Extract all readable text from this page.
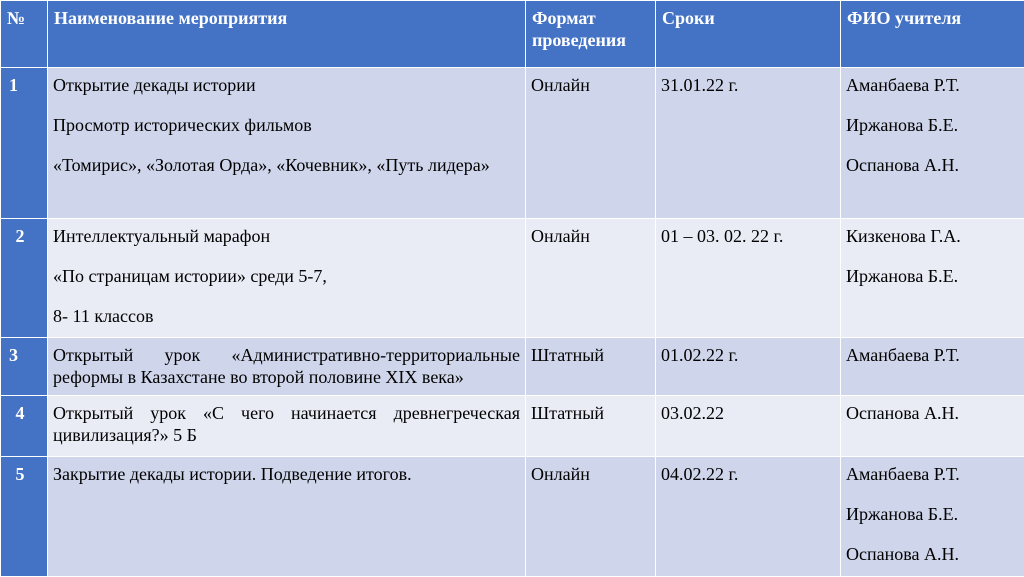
№	Наименование мероприятия	Формат проведения	Сроки	ФИО учителя
1	Открытие декады истории
Просмотр исторических фильмов
«Томирис», «Золотая Орда», «Кочевник», «Путь лидера»	Онлайн	31.01.22 г.	Аманбаева Р.Т.
Иржанова Б.Е.
Оспанова А.Н.

2	Интеллектуальный марафон
«По страницам истории» среди 5-7,
8- 11 классов	Онлайн	01 – 03. 02. 22 г.	Кизкенова Г.А.
Иржанова Б.Е.

3	Открытый урок «Административно-территориальные реформы в Казахстане во второй половине XIX века»	Штатный	01.02.22 г.	Аманбаева Р.Т.
4	Открытый урок «С чего начинается древнегреческая цивилизация?» 5 Б	Штатный	03.02.22	Оспанова А.Н.
5	Закрытие декады истории. Подведение итогов.	Онлайн	04.02.22 г.	Аманбаева Р.Т.
Иржанова Б.Е.
Оспанова А.Н.
